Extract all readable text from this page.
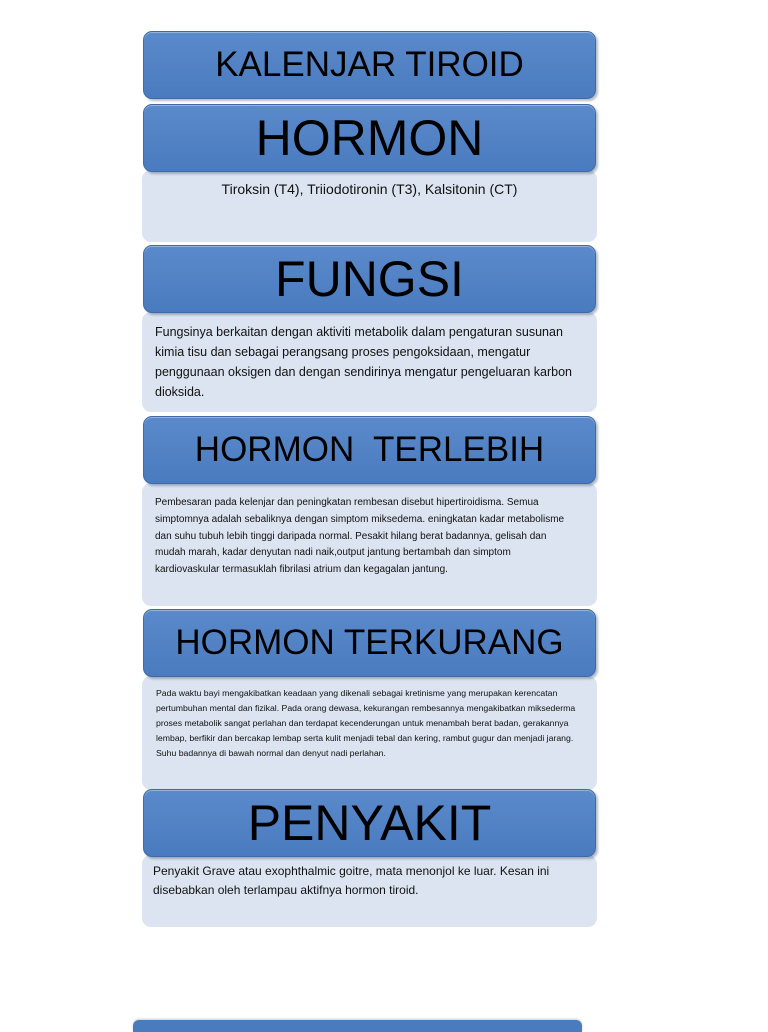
KALENJAR TIROID
HORMON

Tiroksin (T4), Triiodotironin (T3), Kalsitonin (CT)

FUNGSI

Fungsinya berkaitan dengan aktiviti metabolik dalam pengaturan susunan kimia tisu dan sebagai perangsang proses pengoksidaan, mengatur penggunaan oksigen dan dengan sendirinya mengatur pengeluaran karbon dioksida.

HORMON  TERLEBIH

Pembesaran pada kelenjar dan peningkatan rembesan disebut hipertiroidisma. Semua simptomnya adalah sebaliknya dengan simptom miksedema. eningkatan kadar metabolisme dan suhu tubuh lebih tinggi daripada normal. Pesakit hilang berat badannya, gelisah dan mudah marah, kadar denyutan nadi naik,output jantung bertambah dan simptom kardiovaskular termasuklah fibrilasi atrium dan kegagalan jantung.

HORMON TERKURANG

Pada waktu bayi mengakibatkan keadaan yang dikenali sebagai kretinisme yang merupakan kerencatan pertumbuhan mental dan fizikal. Pada orang dewasa, kekurangan rembesannya mengakibatkan miksederma proses metabolik sangat perlahan dan terdapat kecenderungan untuk menambah berat badan, gerakannya lembap, berfikir dan bercakap lembap serta kulit menjadi tebal dan kering, rambut gugur dan menjadi jarang. Suhu badannya di bawah normal dan denyut nadi perlahan.

PENYAKIT

Penyakit Grave atau exophthalmic goitre, mata menonjol ke luar. Kesan ini disebabkan oleh terlampau aktifnya hormon tiroid.
